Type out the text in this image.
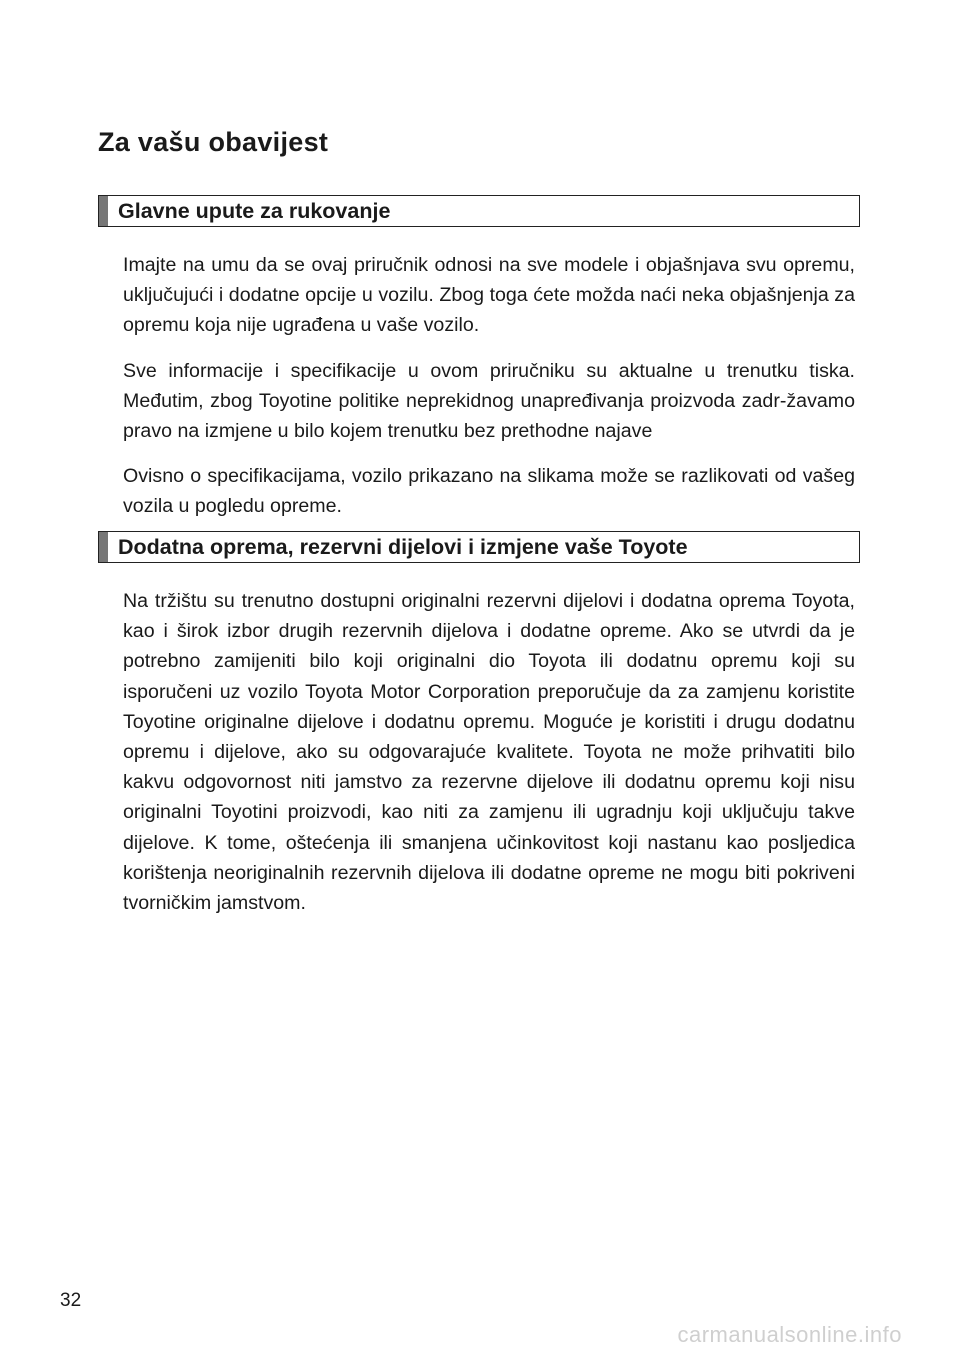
Za vašu obavijest
Glavne upute za rukovanje

Imajte na umu da se ovaj priručnik odnosi na sve modele i objašnjava svu opremu, uključujući i dodatne opcije u vozilu. Zbog toga ćete možda naći neka objašnjenja za opremu koja nije ugrađena u vaše vozilo.

Sve informacije i specifikacije u ovom priručniku su aktualne u trenutku tiska. Međutim, zbog Toyotine politike neprekidnog unapređivanja proizvoda zadr-žavamo pravo na izmjene u bilo kojem trenutku bez prethodne najave

Ovisno o specifikacijama, vozilo prikazano na slikama može se razlikovati od vašeg vozila u pogledu opreme.

Dodatna oprema, rezervni dijelovi i izmjene vaše Toyote

Na tržištu su trenutno dostupni originalni rezervni dijelovi i dodatna oprema Toyota, kao i širok izbor drugih rezervnih dijelova i dodatne opreme. Ako se utvrdi da je potrebno zamijeniti bilo koji originalni dio Toyota ili dodatnu opremu koji su isporučeni uz vozilo Toyota Motor Corporation preporučuje da za zamjenu koristite Toyotine originalne dijelove i dodatnu opremu. Moguće je koristiti i drugu dodatnu opremu i dijelove, ako su odgovarajuće kvalitete. Toyota ne može prihvatiti bilo kakvu odgovornost niti jamstvo za rezervne dijelove ili dodatnu opremu koji nisu originalni Toyotini proizvodi, kao niti za zamjenu ili ugradnju koji uključuju takve dijelove. K tome, oštećenja ili smanjena učinkovitost koji nastanu kao posljedica korištenja neoriginalnih rezervnih dijelova ili dodatne opreme ne mogu biti pokriveni tvorničkim jamstvom.

32
carmanualsonline.info
